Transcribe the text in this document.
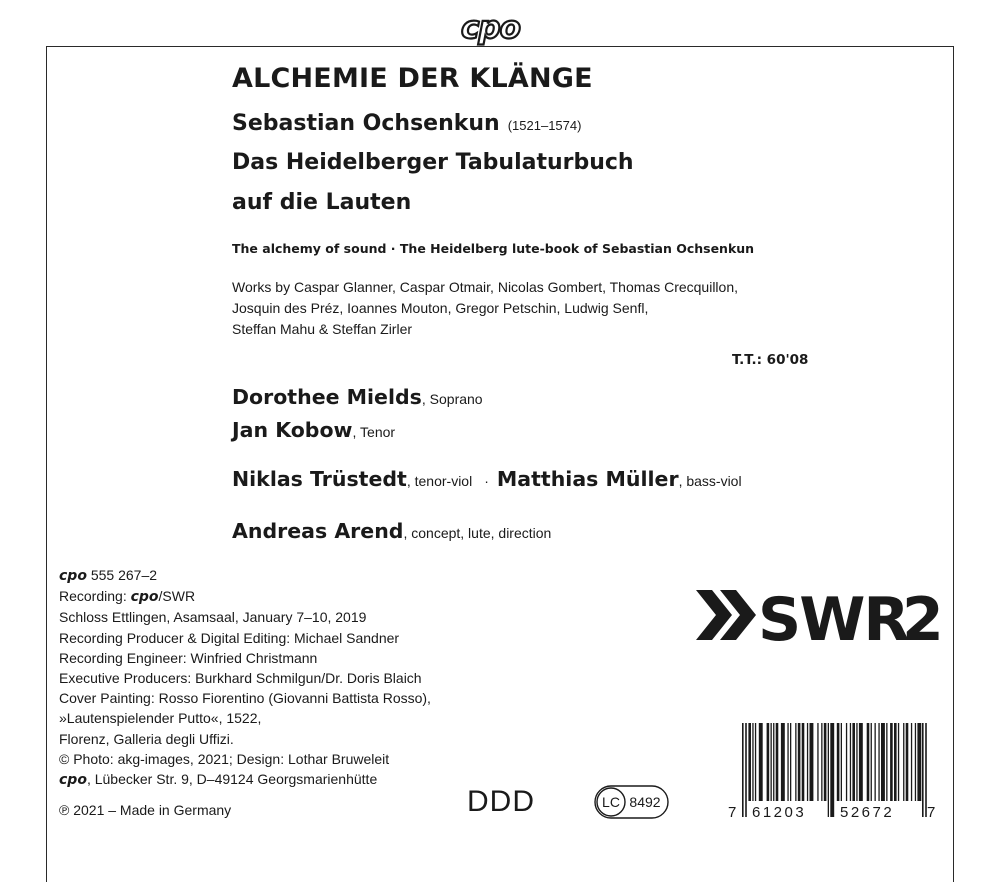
cpo
ALCHEMIE DER KLÄNGE
Sebastian Ochsenkun (1521–1574)
Das Heidelberger Tabulaturbuch
auf die Lauten
The alchemy of sound · The Heidelberg lute-book of Sebastian Ochsenkun
Works by Caspar Glanner, Caspar Otmair, Nicolas Gombert, Thomas Crecquillon,
Josquin des Préz, Ioannes Mouton, Gregor Petschin, Ludwig Senfl,
Steffan Mahu & Steffan Zirler
T.T.: 60'08
Dorothee Mields, Soprano
Jan Kobow, Tenor
Niklas Trüstedt, tenor-viol · Matthias Müller, bass-viol
Andreas Arend, concept, lute, direction
cpo 555 267–2
Recording: cpo/SWR
Schloss Ettlingen, Asamsaal, January 7–10, 2019
Recording Producer & Digital Editing: Michael Sandner
Recording Engineer: Winfried Christmann
Executive Producers: Burkhard Schmilgun/Dr. Doris Blaich
Cover Painting: Rosso Fiorentino (Giovanni Battista Rosso),
»Lautenspielender Putto«, 1522,
Florenz, Galleria degli Uffizi.
© Photo: akg-images, 2021; Design: Lothar Bruweleit
cpo, Lübecker Str. 9, D–49124 Georgsmarienhütte
℗ 2021 – Made in Germany	DDD	LC 8492
SWR
2
7 61203 52672 7
